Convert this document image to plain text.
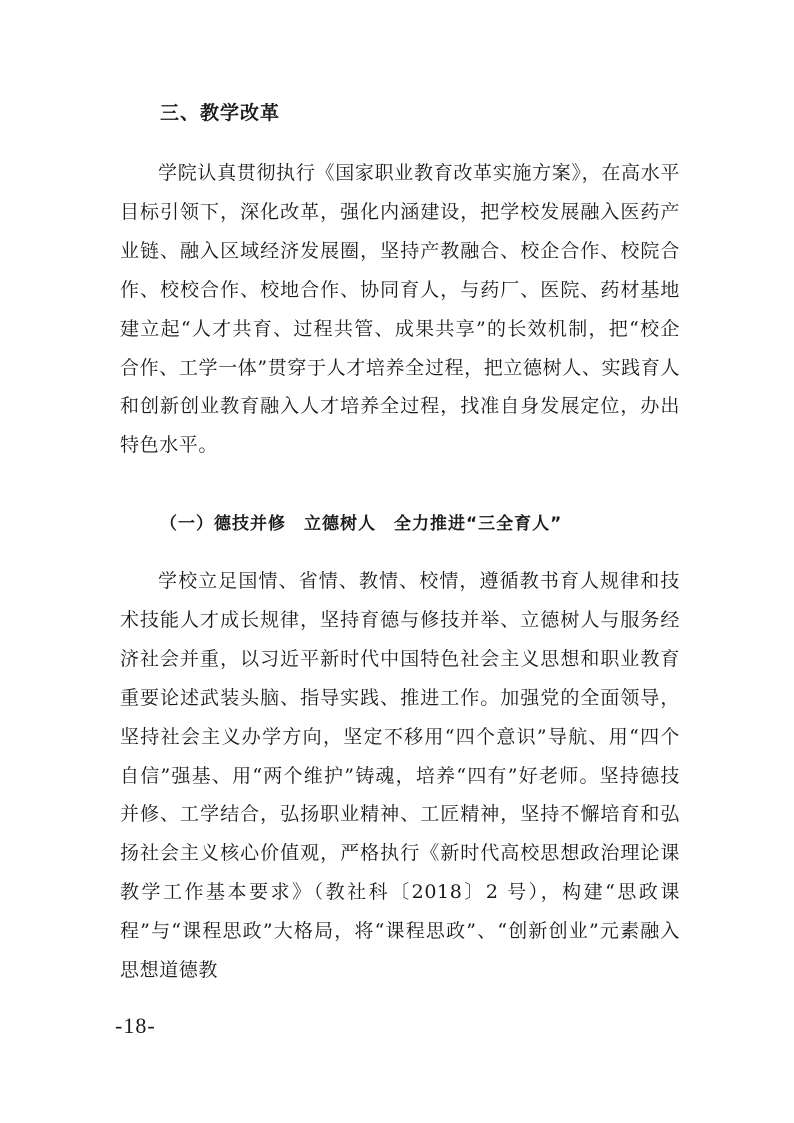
三、教学改革

学院认真贯彻执行《国家职业教育改革实施方案》，在高水平目标引领下，深化改革，强化内涵建设，把学校发展融入医药产业链、融入区域经济发展圈，坚持产教融合、校企合作、校院合作、校校合作、校地合作、协同育人，与药厂、医院、药材基地建立起“人才共育、过程共管、成果共享”的长效机制，把“校企合作、工学一体”贯穿于人才培养全过程，把立德树人、实践育人和创新创业教育融入人才培养全过程，找准自身发展定位，办出特色水平。

（一）德技并修　立德树人　全力推进“三全育人”

学校立足国情、省情、教情、校情，遵循教书育人规律和技术技能人才成长规律，坚持育德与修技并举、立德树人与服务经济社会并重，以习近平新时代中国特色社会主义思想和职业教育重要论述武装头脑、指导实践、推进工作。加强党的全面领导，坚持社会主义办学方向，坚定不移用“四个意识”导航、用“四个自信”强基、用“两个维护”铸魂，培养“四有”好老师。坚持德技并修、工学结合，弘扬职业精神、工匠精神，坚持不懈培育和弘扬社会主义核心价值观，严格执行《新时代高校思想政治理论课教学工作基本要求》（教社科〔2018〕2 号），构建“思政课程”与“课程思政”大格局，将“课程思政”、“创新创业”元素融入思想道德教

-18-
